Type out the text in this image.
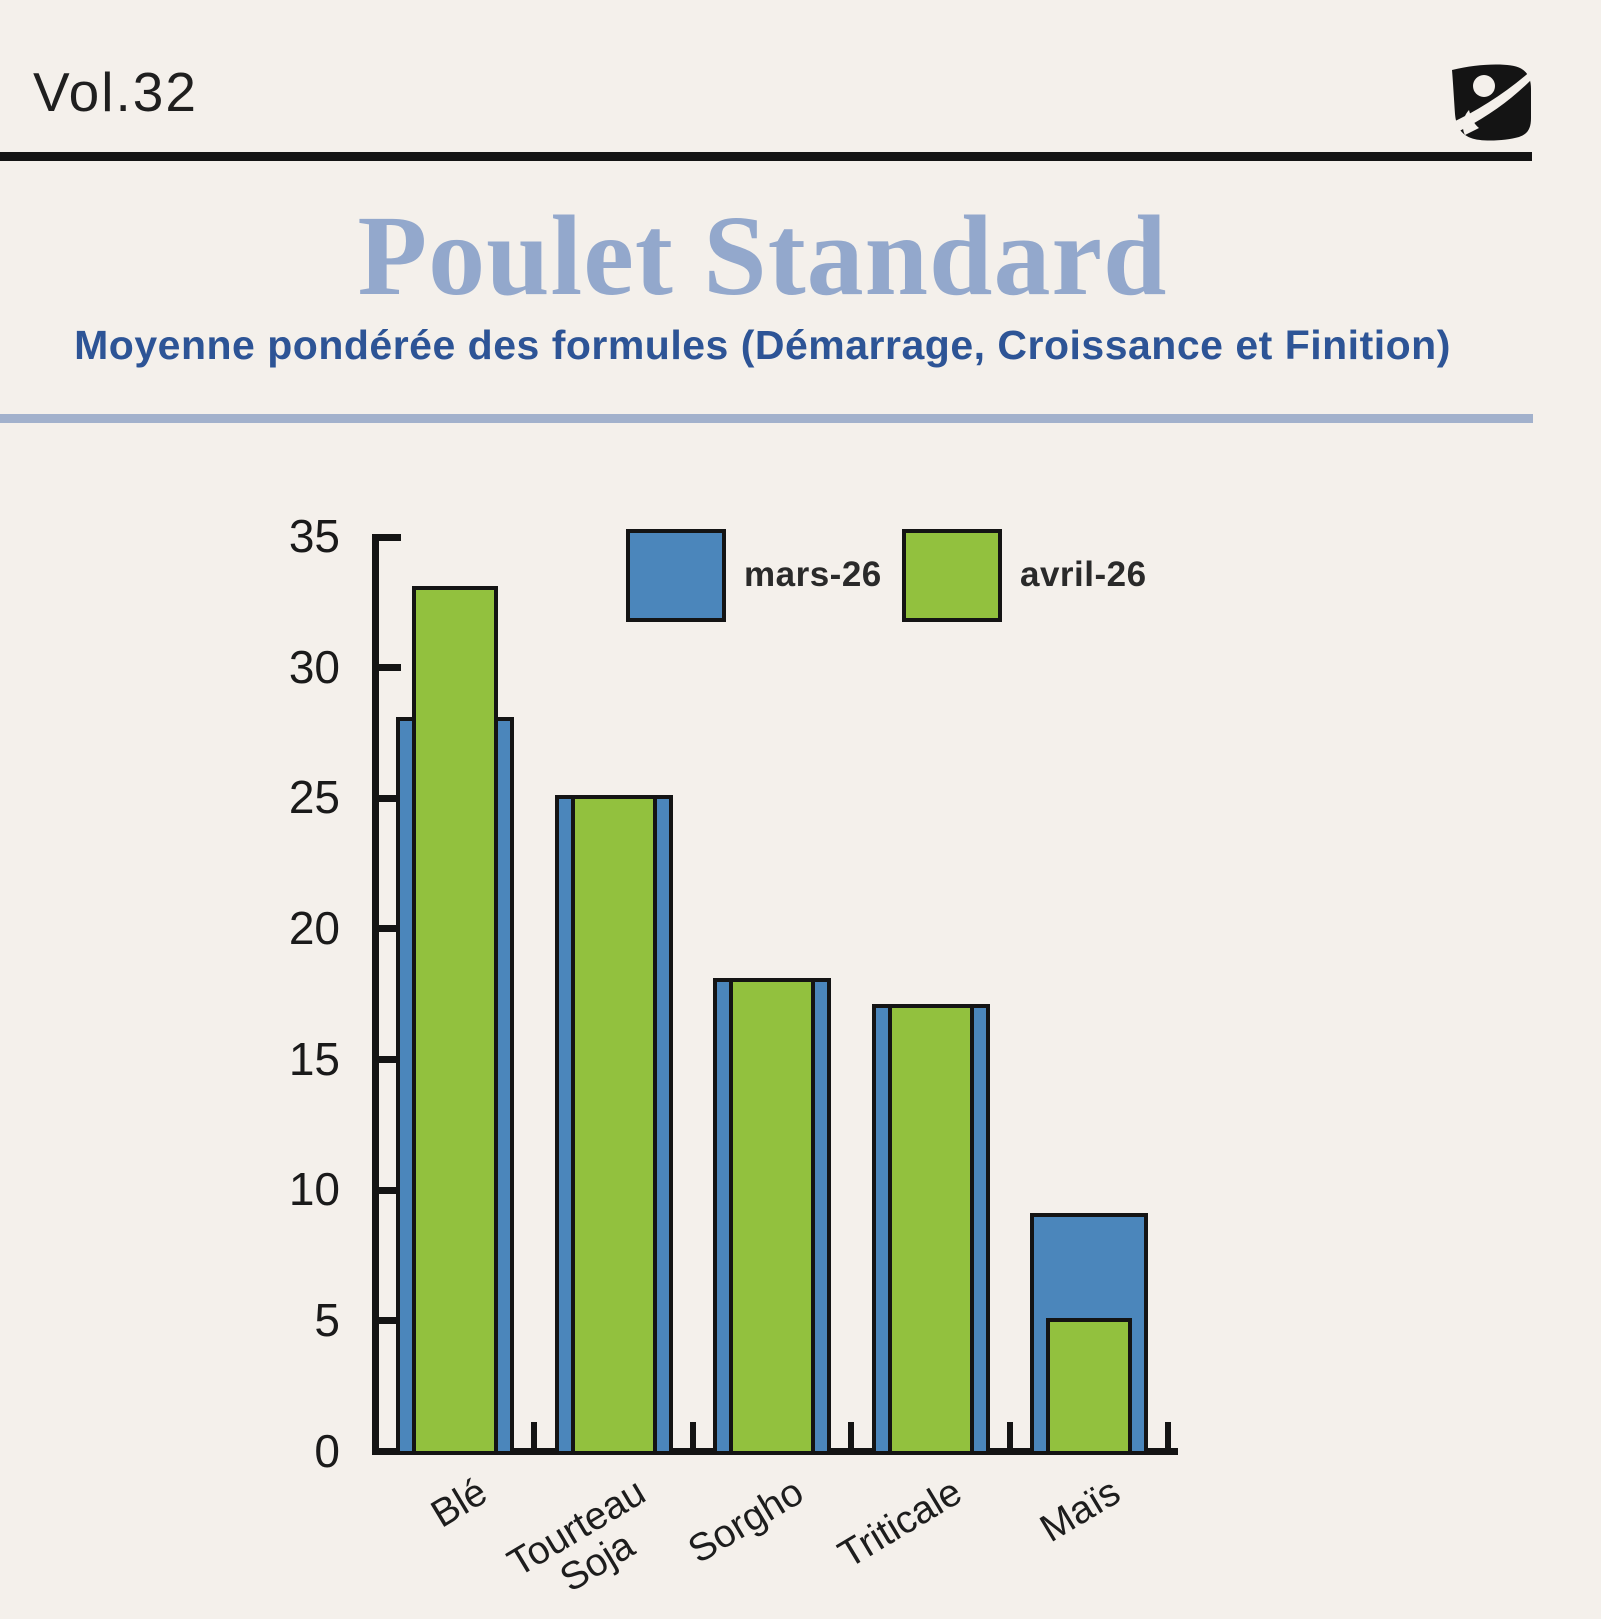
Vol.32
Poulet Standard
Moyenne pondérée des formules (Démarrage, Croissance et Finition)
0
5
10
15
20
25
30
35
Blé Tourteau
Soja	Sorgho Triticale Maïs
mars-26	avril-26
